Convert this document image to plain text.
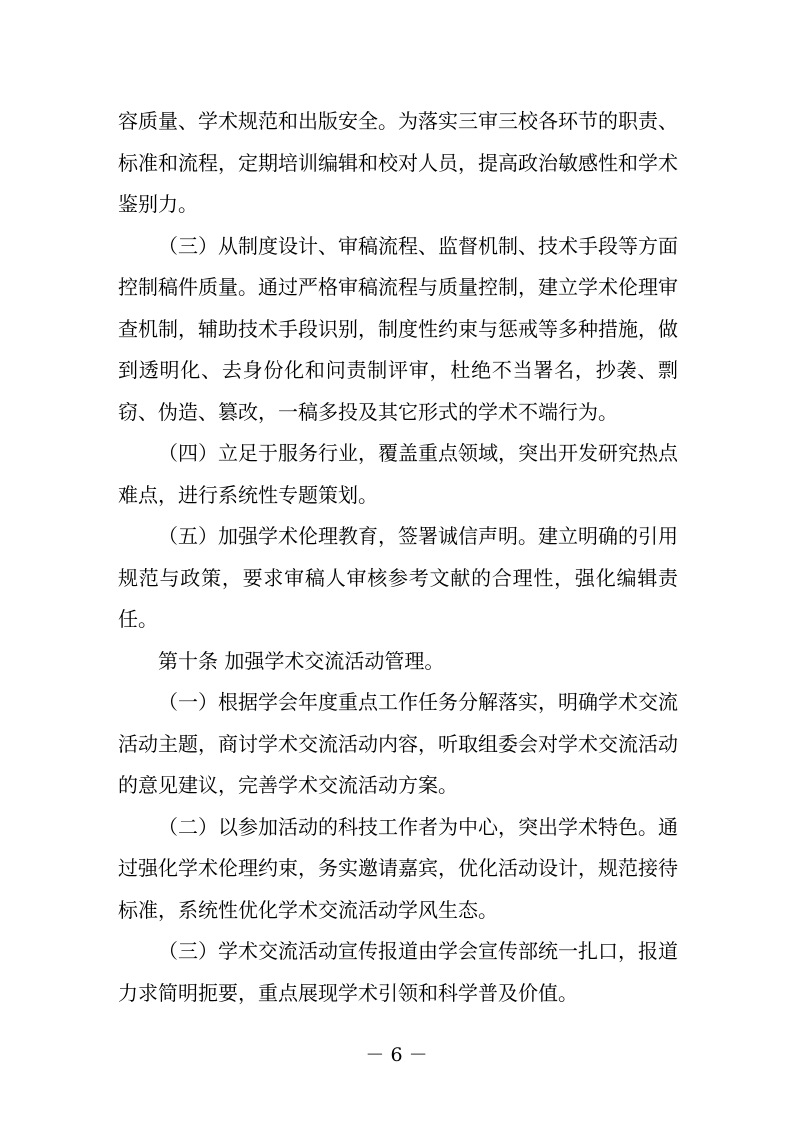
容质量、学术规范和出版安全。为落实三审三校各环节的职责、标准和流程，定期培训编辑和校对人员，提高政治敏感性和学术鉴别力。

（三）从制度设计、审稿流程、监督机制、技术手段等方面控制稿件质量。通过严格审稿流程与质量控制，建立学术伦理审查机制，辅助技术手段识别，制度性约束与惩戒等多种措施，做到透明化、去身份化和问责制评审，杜绝不当署名，抄袭、剽窃、伪造、篡改，一稿多投及其它形式的学术不端行为。

（四）立足于服务行业，覆盖重点领域，突出开发研究热点难点，进行系统性专题策划。

（五）加强学术伦理教育，签署诚信声明。建立明确的引用规范与政策，要求审稿人审核参考文献的合理性，强化编辑责任。

第十条 加强学术交流活动管理。

（一）根据学会年度重点工作任务分解落实，明确学术交流活动主题，商讨学术交流活动内容，听取组委会对学术交流活动的意见建议，完善学术交流活动方案。

（二）以参加活动的科技工作者为中心，突出学术特色。通过强化学术伦理约束，务实邀请嘉宾，优化活动设计，规范接待标准，系统性优化学术交流活动学风生态。

（三）学术交流活动宣传报道由学会宣传部统一扎口，报道力求简明扼要，重点展现学术引领和科学普及价值。

－ 6 －
